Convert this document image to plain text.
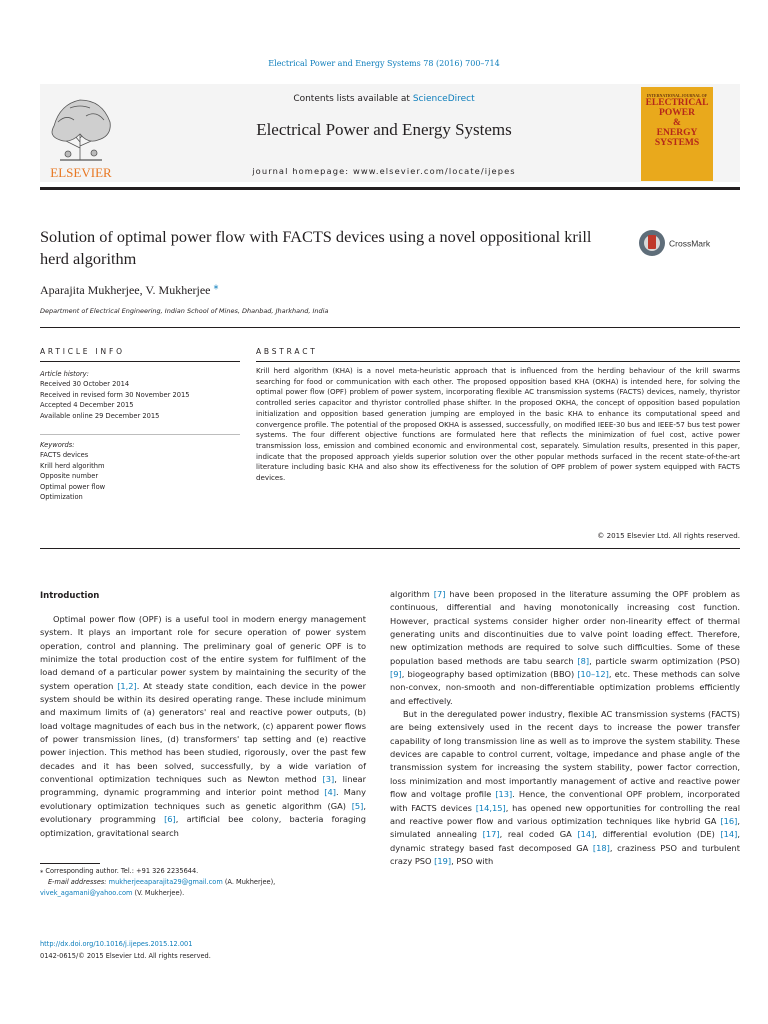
Electrical Power and Energy Systems 78 (2016) 700–714
ELSEVIER
Contents lists available at ScienceDirect
Electrical Power and Energy Systems
journal homepage: www.elsevier.com/locate/ijepes
INTERNATIONAL JOURNAL OF
ELECTRICAL
POWER
&
ENERGY
SYSTEMS
Solution of optimal power flow with FACTS devices using a novel oppositional krill herd algorithm
CrossMark
Aparajita Mukherjee, V. Mukherjee ⁎
Department of Electrical Engineering, Indian School of Mines, Dhanbad, Jharkhand, India
ARTICLE INFO	ABSTRACT
Article history:
Received 30 October 2014
Received in revised form 30 November 2015
Accepted 4 December 2015
Available online 29 December 2015
Keywords:
FACTS devices
Krill herd algorithm
Opposite number
Optimal power flow
Optimization
Krill herd algorithm (KHA) is a novel meta-heuristic approach that is influenced from the herding behaviour of the krill swarms searching for food or communication with each other. The proposed opposition based KHA (OKHA) is intended here, for solving the optimal power flow (OPF) problem of power system, incorporating flexible AC transmission systems (FACTS) devices, namely, thyristor controlled series capacitor and thyristor controlled phase shifter. In the proposed OKHA, the concept of opposition based population initialization and opposition based generation jumping are employed in the basic KHA to enhance its computational speed and convergence profile. The potential of the proposed OKHA is assessed, successfully, on modified IEEE-30 bus and IEEE-57 bus test power systems. The four different objective functions are formulated here that reflects the minimization of fuel cost, active power transmission loss, emission and combined economic and environmental cost, separately. Simulation results, presented in this paper, indicate that the proposed approach yields superior solution over the other popular methods surfaced in the recent state-of-the-art literature including basic KHA and also show its effectiveness for the solution of OPF problem of power system equipped with FACTS devices.
© 2015 Elsevier Ltd. All rights reserved.
Introduction

Optimal power flow (OPF) is a useful tool in modern energy management system. It plays an important role for secure operation of power system operation, control and planning. The preliminary goal of generic OPF is to minimize the total production cost of the entire system for fulfilment of the load demand of a particular power system by maintaining the security of the system operation [1,2]. At steady state condition, each device in the power system should be within its desired operating range. These include minimum and maximum limits of (a) generators' real and reactive power outputs, (b) load voltage magnitudes of each bus in the network, (c) apparent power flows of power transmission lines, (d) transformers' tap setting and (e) reactive power injection. This method has been studied, rigorously, over the past few decades and it has been solved, successfully, by a wide variation of conventional optimization techniques such as Newton method [3], linear programming, dynamic programming and interior point method [4]. Many evolutionary optimization techniques such as genetic algorithm (GA) [5], evolutionary programming [6], artificial bee colony, bacteria foraging optimization, gravitational search

algorithm [7] have been proposed in the literature assuming the OPF problem as continuous, differential and having monotonically increasing cost function. However, practical systems consider higher order non-linearity effect of thermal generating units and discontinuities due to valve point loading effect. Therefore, new optimization methods are required to solve such difficulties. Some of these population based methods are tabu search [8], particle swarm optimization (PSO) [9], biogeography based optimization (BBO) [10–12], etc. These methods can solve non-convex, non-smooth and non-differentiable optimization problems efficiently and effectively.

But in the deregulated power industry, flexible AC transmission systems (FACTS) are being extensively used in the recent days to increase the power transfer capability of long transmission line as well as to improve the system stability. These devices are capable to control current, voltage, impedance and phase angle of the transmission system for increasing the system stability, power factor correction, loss minimization and most importantly management of active and reactive power flow and voltage profile [13]. Hence, the conventional OPF problem, incorporated with FACTS devices [14,15], has opened new opportunities for controlling the real and reactive power flow and various optimization techniques like hybrid GA [16], simulated annealing [17], real coded GA [14], differential evolution (DE) [14], dynamic strategy based fast decomposed GA [18], craziness PSO and turbulent crazy PSO [19], PSO with

⁎ Corresponding author. Tel.: +91 326 2235644.
E-mail addresses: mukherjeeaparajita29@gmail.com (A. Mukherjee),
vivek_agamani@yahoo.com (V. Mukherjee).
http://dx.doi.org/10.1016/j.ijepes.2015.12.001
0142-0615/© 2015 Elsevier Ltd. All rights reserved.
